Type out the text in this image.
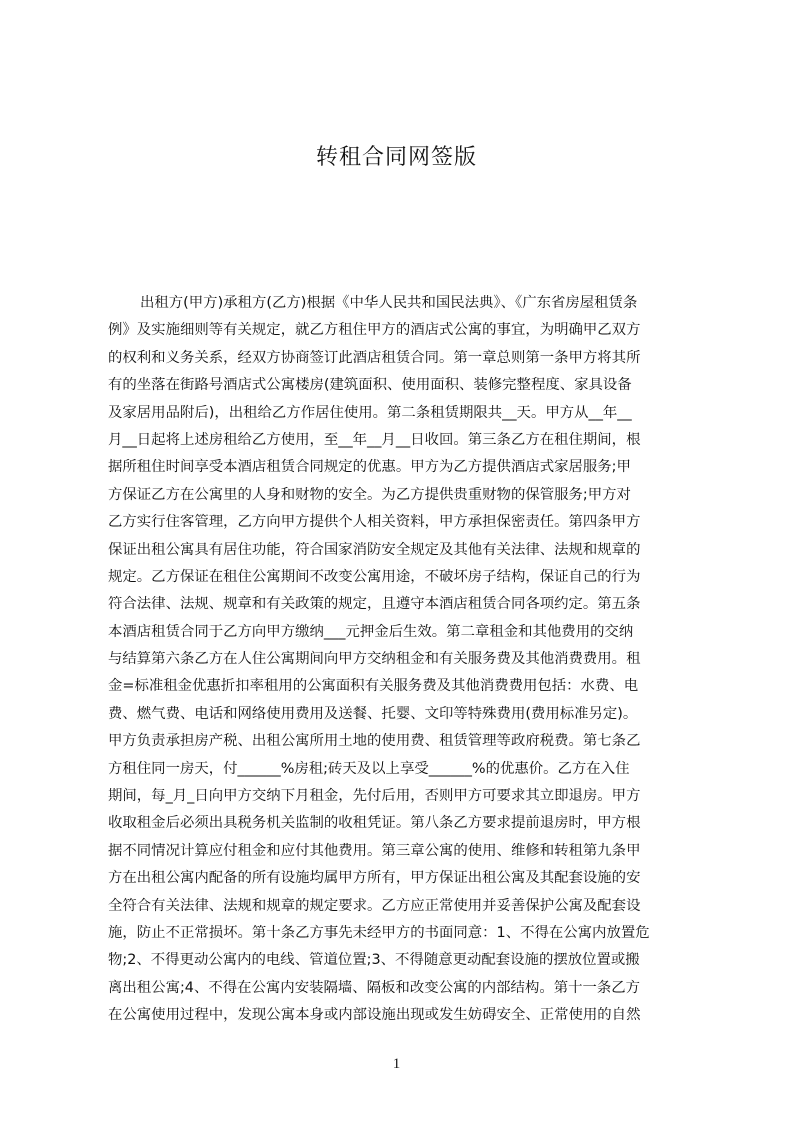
转租合同网签版
出租方(甲方)承租方(乙方)根据《中华人民共和国民法典》、《广东省房屋租赁条
例》及实施细则等有关规定，就乙方租住甲方的酒店式公寓的事宜，为明确甲乙双方
的权利和义务关系，经双方协商签订此酒店租赁合同。第一章总则第一条甲方将其所
有的坐落在街路号酒店式公寓楼房(建筑面积、使用面积、装修完整程度、家具设备
及家居用品附后)，出租给乙方作居住使用。第二条租赁期限共__天。甲方从__年__
月__日起将上述房租给乙方使用，至__年__月__日收回。第三条乙方在租住期间，根
据所租住时间享受本酒店租赁合同规定的优惠。甲方为乙方提供酒店式家居服务;甲
方保证乙方在公寓里的人身和财物的安全。为乙方提供贵重财物的保管服务;甲方对
乙方实行住客管理，乙方向甲方提供个人相关资料，甲方承担保密责任。第四条甲方
保证出租公寓具有居住功能，符合国家消防安全规定及其他有关法律、法规和规章的
规定。乙方保证在租住公寓期间不改变公寓用途，不破坏房子结构，保证自己的行为
符合法律、法规、规章和有关政策的规定，且遵守本酒店租赁合同各项约定。第五条
本酒店租赁合同于乙方向甲方缴纳___元押金后生效。第二章租金和其他费用的交纳
与结算第六条乙方在人住公寓期间向甲方交纳租金和有关服务费及其他消费费用。租
金=标准租金优惠折扣率租用的公寓面积有关服务费及其他消费费用包括：水费、电
费、燃气费、电话和网络使用费用及送餐、托婴、文印等特殊费用(费用标准另定)。
甲方负责承担房产税、出租公寓所用土地的使用费、租赁管理等政府税费。第七条乙
方租住同一房天，付______%房租;砖天及以上享受______%的优惠价。乙方在入住
期间，每_月_日向甲方交纳下月租金，先付后用，否则甲方可要求其立即退房。甲方
收取租金后必须出具税务机关监制的收租凭证。第八条乙方要求提前退房时，甲方根
据不同情况计算应付租金和应付其他费用。第三章公寓的使用、维修和转租第九条甲
方在出租公寓内配备的所有设施均属甲方所有，甲方保证出租公寓及其配套设施的安
全符合有关法律、法规和规章的规定要求。乙方应正常使用并妥善保护公寓及配套设
施，防止不正常损坏。第十条乙方事先未经甲方的书面同意：1、不得在公寓内放置危
物;2、不得更动公寓内的电线、管道位置;3、不得随意更动配套设施的摆放位置或搬
离出租公寓;4、不得在公寓内安装隔墙、隔板和改变公寓的内部结构。第十一条乙方
在公寓使用过程中，发现公寓本身或内部设施出现或发生妨碍安全、正常使用的自然
1
